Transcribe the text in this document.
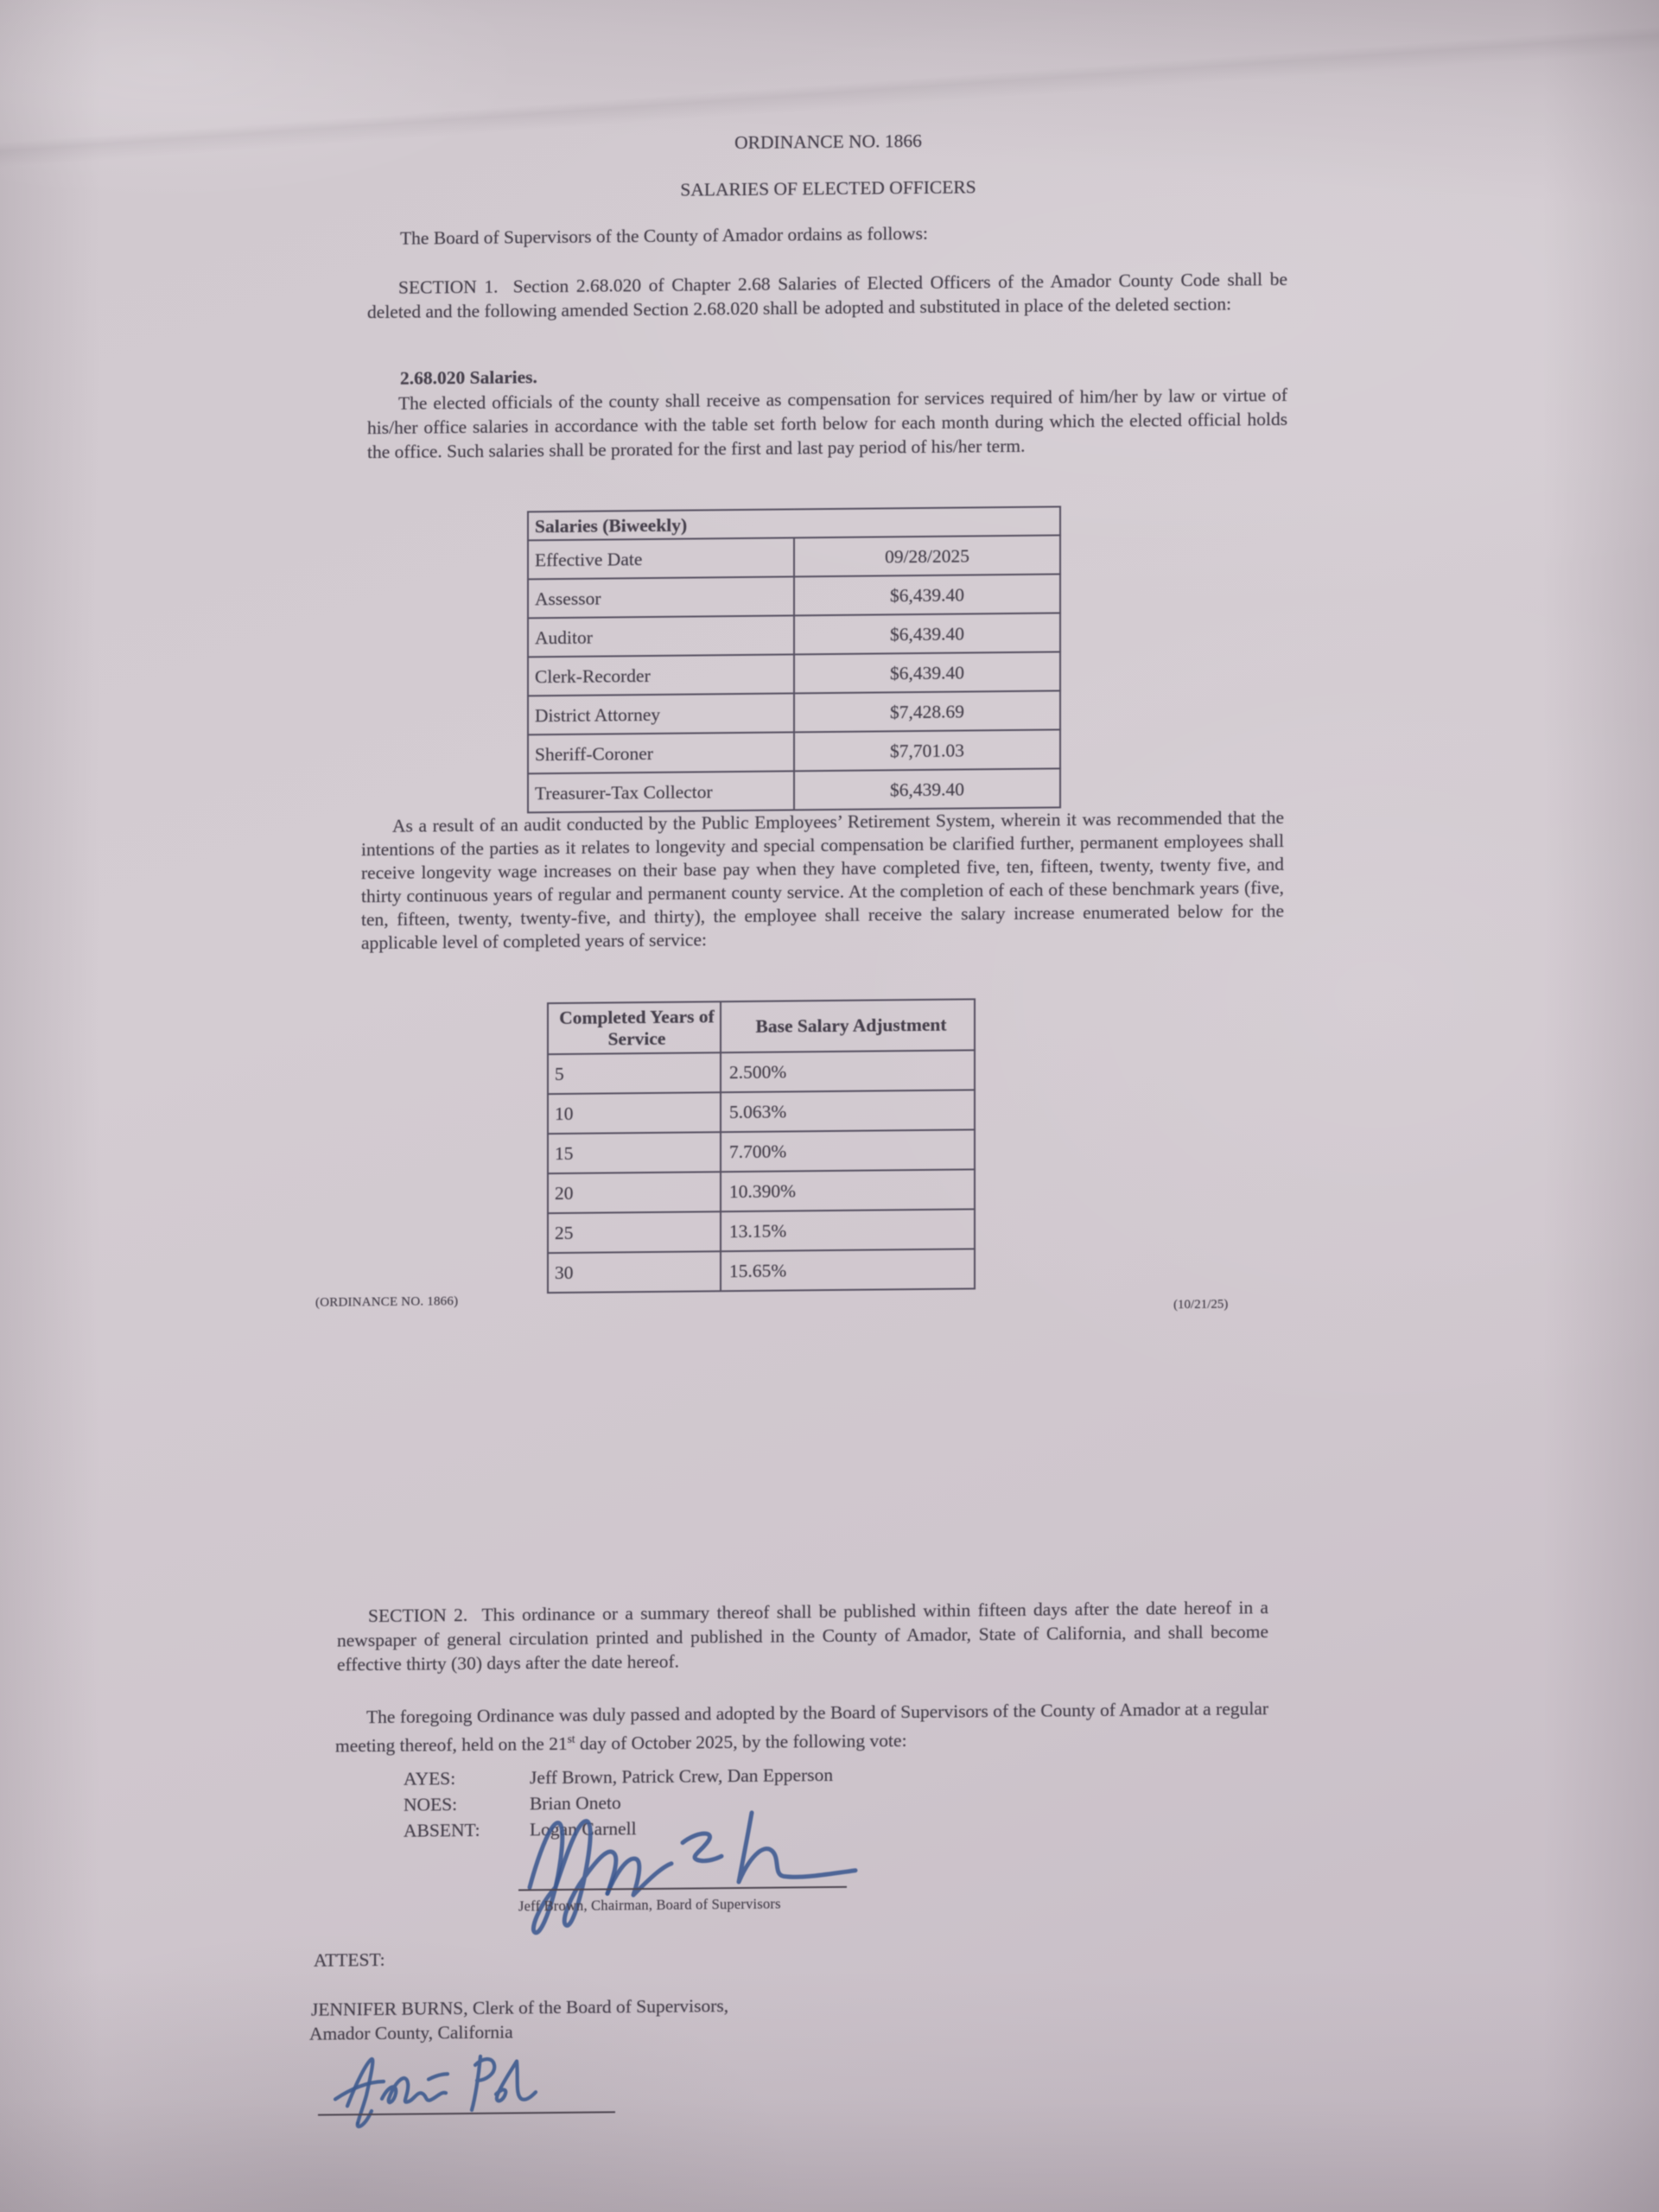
ORDINANCE NO. 1866
SALARIES OF ELECTED OFFICERS

The Board of Supervisors of the County of Amador ordains as follows:

SECTION 1.  Section 2.68.020 of Chapter 2.68 Salaries of Elected Officers of the Amador County Code shall be deleted and the following amended Section 2.68.020 shall be adopted and substituted in place of the deleted section:

2.68.020 Salaries.

The elected officials of the county shall receive as compensation for services required of him/her by law or virtue of his/her office salaries in accordance with the table set forth below for each month during which the elected official holds the office. Such salaries shall be prorated for the first and last pay period of his/her term.

Salaries (Biweekly)	
Effective Date	09/28/2025
Assessor	$6,439.40
Auditor	$6,439.40
Clerk-Recorder	$6,439.40
District Attorney	$7,428.69
Sheriff-Coroner	$7,701.03
Treasurer-Tax Collector	$6,439.40

As a result of an audit conducted by the Public Employees’ Retirement System, wherein it was recommended that the intentions of the parties as it relates to longevity and special compensation be clarified further, permanent employees shall receive longevity wage increases on their base pay when they have completed five, ten, fifteen, twenty, twenty five, and thirty continuous years of regular and permanent county service. At the completion of each of these benchmark years (five, ten, fifteen, twenty, twenty-five, and thirty), the employee shall receive the salary increase enumerated below for the applicable level of completed years of service:

Completed Years of Service	Base Salary Adjustment
5	2.500%
10	5.063%
15	7.700%
20	10.390%
25	13.15%
30	15.65%
(ORDINANCE NO. 1866)	(10/21/25)

SECTION 2.  This ordinance or a summary thereof shall be published within fifteen days after the date hereof in a newspaper of general circulation printed and published in the County of Amador, State of California, and shall become effective thirty (30) days after the date hereof.

The foregoing Ordinance was duly passed and adopted by the Board of Supervisors of the County of Amador at a regular meeting thereof, held on the 21st day of October 2025, by the following vote:

AYES:	Jeff Brown, Patrick Crew, Dan Epperson
NOES:	Brian Oneto
ABSENT:	Logan Carnell
Jeff Brown, Chairman, Board of Supervisors
ATTEST:
JENNIFER BURNS, Clerk of the Board of Supervisors,
Amador County, California
